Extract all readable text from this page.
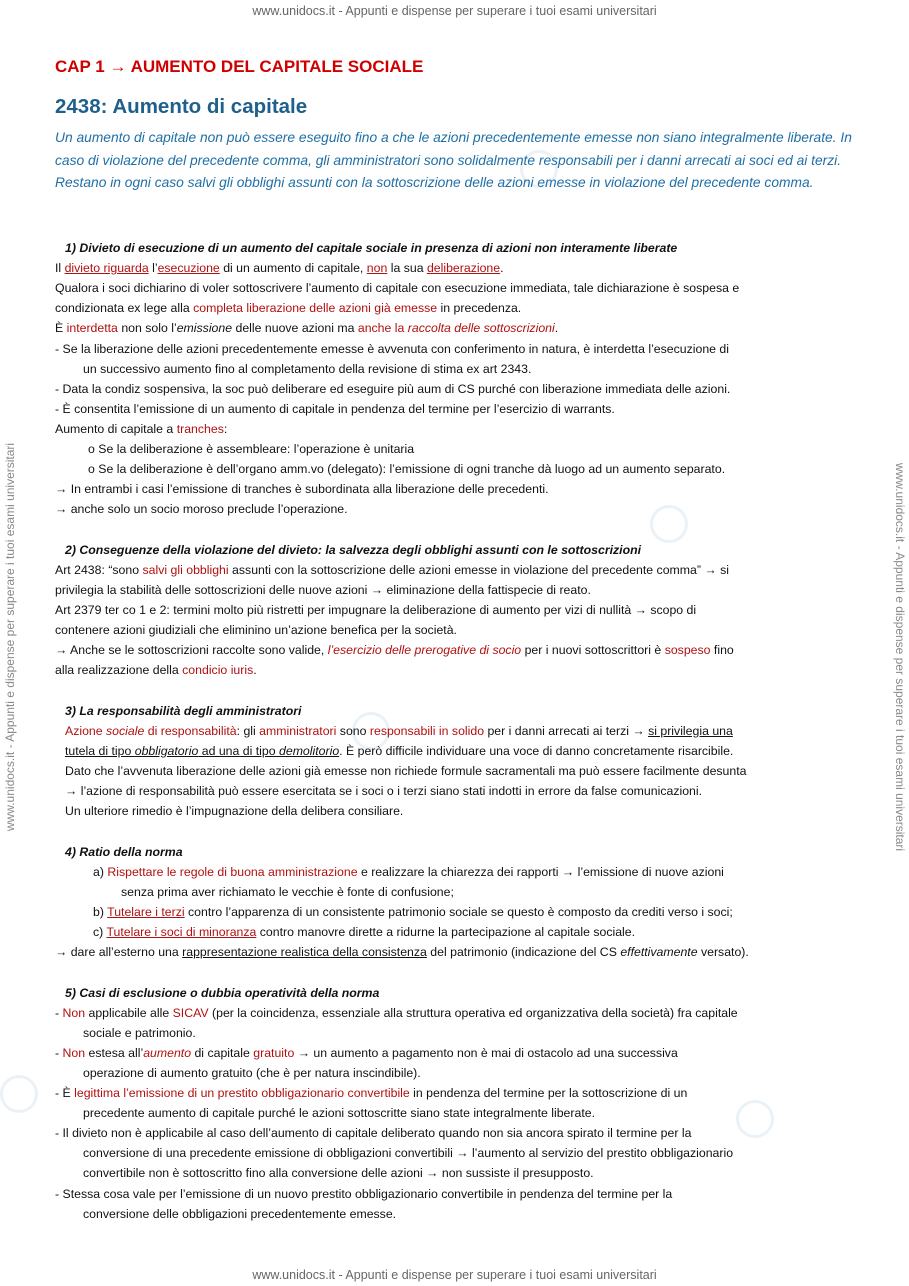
www.unidocs.it - Appunti e dispense per superare i tuoi esami universitari
www.unidocs.it - Appunti e dispense per superare i tuoi esami universitari
www.unidocs.it - Appunti e dispense per superare i tuoi esami universitari	www.unidocs.it - Appunti e dispense per superare i tuoi esami universitari
CAP 1 → AUMENTO DEL CAPITALE SOCIALE
2438: Aumento di capitale
Un aumento di capitale non può essere eseguito fino a che le azioni precedentemente emesse non siano integralmente liberate. In caso di violazione del precedente comma, gli amministratori sono solidalmente responsabili per i danni arrecati ai soci ed ai terzi. Restano in ogni caso salvi gli obblighi assunti con la sottoscrizione delle azioni emesse in violazione del precedente comma.
1) Divieto di esecuzione di un aumento del capitale sociale in presenza di azioni non interamente liberate
Il divieto riguarda l’esecuzione di un aumento di capitale, non la sua deliberazione.
Qualora i soci dichiarino di voler sottoscrivere l’aumento di capitale con esecuzione immediata, tale dichiarazione è sospesa e
condizionata ex lege alla completa liberazione delle azioni già emesse in precedenza.
È interdetta non solo l’emissione delle nuove azioni ma anche la raccolta delle sottoscrizioni.
- Se la liberazione delle azioni precedentemente emesse è avvenuta con conferimento in natura, è interdetta l’esecuzione di
un successivo aumento fino al completamento della revisione di stima ex art 2343.
- Data la condiz sospensiva, la soc può deliberare ed eseguire più aum di CS purché con liberazione immediata delle azioni.
- È consentita l’emissione di un aumento di capitale in pendenza del termine per l’esercizio di warrants.
Aumento di capitale a tranches:
o Se la deliberazione è assembleare: l’operazione è unitaria
o Se la deliberazione è dell’organo amm.vo (delegato): l’emissione di ogni tranche dà luogo ad un aumento separato.
→ In entrambi i casi l’emissione di tranches è subordinata alla liberazione delle precedenti.
→ anche solo un socio moroso preclude l’operazione.
2) Conseguenze della violazione del divieto: la salvezza degli obblighi assunti con le sottoscrizioni
Art 2438: “sono salvi gli obblighi assunti con la sottoscrizione delle azioni emesse in violazione del precedente comma” → si
privilegia la stabilità delle sottoscrizioni delle nuove azioni → eliminazione della fattispecie di reato.
Art 2379 ter co 1 e 2: termini molto più ristretti per impugnare la deliberazione di aumento per vizi di nullità → scopo di
contenere azioni giudiziali che eliminino un’azione benefica per la società.
→ Anche se le sottoscrizioni raccolte sono valide, l’esercizio delle prerogative di socio per i nuovi sottoscrittori è sospeso fino
alla realizzazione della condicio iuris.
3) La responsabilità degli amministratori
Azione sociale di responsabilità: gli amministratori sono responsabili in solido per i danni arrecati ai terzi → si privilegia una
tutela di tipo obbligatorio ad una di tipo demolitorio. È però difficile individuare una voce di danno concretamente risarcibile.
Dato che l’avvenuta liberazione delle azioni già emesse non richiede formule sacramentali ma può essere facilmente desunta
→ l’azione di responsabilità può essere esercitata se i soci o i terzi siano stati indotti in errore da false comunicazioni.
Un ulteriore rimedio è l’impugnazione della delibera consiliare.
4) Ratio della norma
a) Rispettare le regole di buona amministrazione e realizzare la chiarezza dei rapporti → l’emissione di nuove azioni
senza prima aver richiamato le vecchie è fonte di confusione;
b) Tutelare i terzi contro l’apparenza di un consistente patrimonio sociale se questo è composto da crediti verso i soci;
c) Tutelare i soci di minoranza contro manovre dirette a ridurne la partecipazione al capitale sociale.
→ dare all’esterno una rappresentazione realistica della consistenza del patrimonio (indicazione del CS effettivamente versato).
5) Casi di esclusione o dubbia operatività della norma
- Non applicabile alle SICAV (per la coincidenza, essenziale alla struttura operativa ed organizzativa della società) fra capitale
sociale e patrimonio.
- Non estesa all’aumento di capitale gratuito → un aumento a pagamento non è mai di ostacolo ad una successiva
operazione di aumento gratuito (che è per natura inscindibile).
- È legittima l’emissione di un prestito obbligazionario convertibile in pendenza del termine per la sottoscrizione di un
precedente aumento di capitale purché le azioni sottoscritte siano state integralmente liberate.
- Il divieto non è applicabile al caso dell’aumento di capitale deliberato quando non sia ancora spirato il termine per la
conversione di una precedente emissione di obbligazioni convertibili → l’aumento al servizio del prestito obbligazionario
convertibile non è sottoscritto fino alla conversione delle azioni → non sussiste il presupposto.
- Stessa cosa vale per l’emissione di un nuovo prestito obbligazionario convertibile in pendenza del termine per la
conversione delle obbligazioni precedentemente emesse.
